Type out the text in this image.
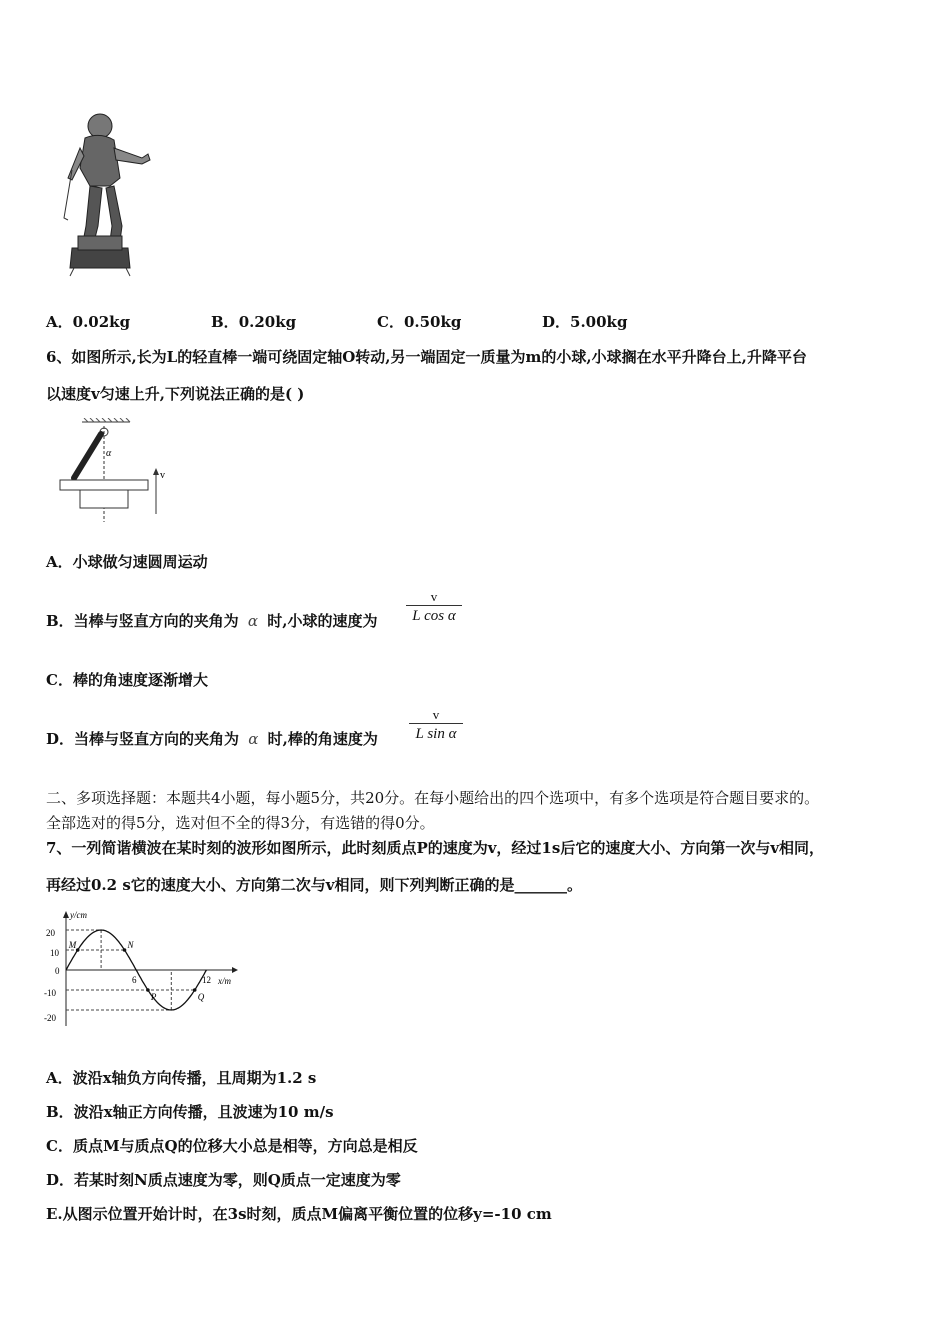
A．0.02kg	B．0.20kg	C．0.50kg	D．5.00kg
6、如图所示,长为L的轻直棒一端可绕固定轴O转动,另一端固定一质量为m的小球,小球搁在水平升降台上,升降平台
以速度v匀速上升,下列说法正确的是( )
α
v
A．小球做匀速圆周运动
B．当棒与竖直方向的夹角为 α 时,小球的速度为
v
L cos α
C．棒的角速度逐渐增大
D．当棒与竖直方向的夹角为 α 时,棒的角速度为
v
L sin α
二、多项选择题：本题共4小题，每小题5分，共20分。在每小题给出的四个选项中，有多个选项是符合题目要求的。
全部选对的得5分，选对但不全的得3分，有选错的得0分。
7、一列简谐横波在某时刻的波形如图所示，此时刻质点P的速度为v，经过1s后它的速度大小、方向第一次与v相同，
再经过0.2 s它的速度大小、方向第二次与v相同，则下列判断正确的是_______。
y/cm
x/m
20
10
0
-10
-20
6	12
M	N
P	Q
A．波沿x轴负方向传播，且周期为1.2 s
B．波沿x轴正方向传播，且波速为10 m/s
C．质点M与质点Q的位移大小总是相等，方向总是相反
D．若某时刻N质点速度为零，则Q质点一定速度为零
E.从图示位置开始计时，在3s时刻，质点M偏离平衡位置的位移y=-10 cm
